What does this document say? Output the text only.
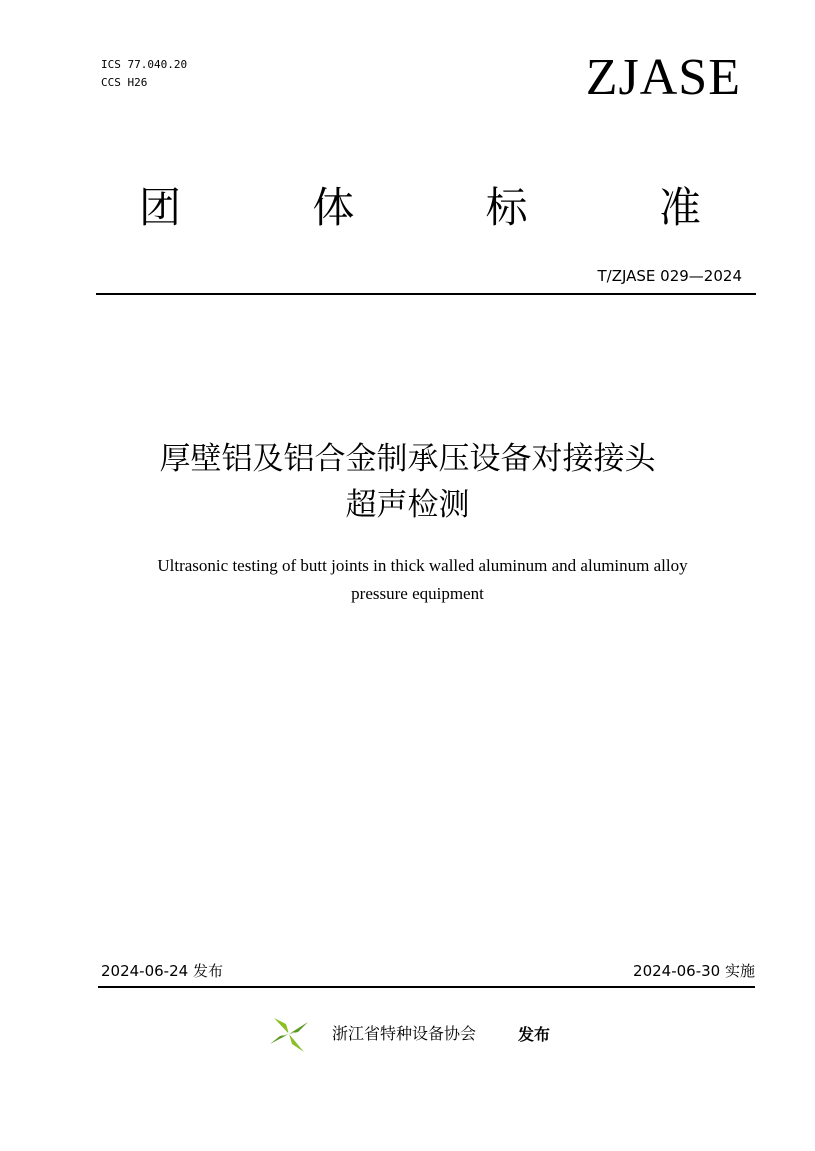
ICS 77.040.20
CCS H26	ZJASE
团	体	标	准
T/ZJASE 029—2024
厚壁铝及铝合金制承压设备对接接头
超声检测
Ultrasonic testing of butt joints in thick walled aluminum and aluminum alloy
pressure equipment
2024-06-24 发布	2024-06-30 实施
ZJASE 浙江省特种设备协会	发布
